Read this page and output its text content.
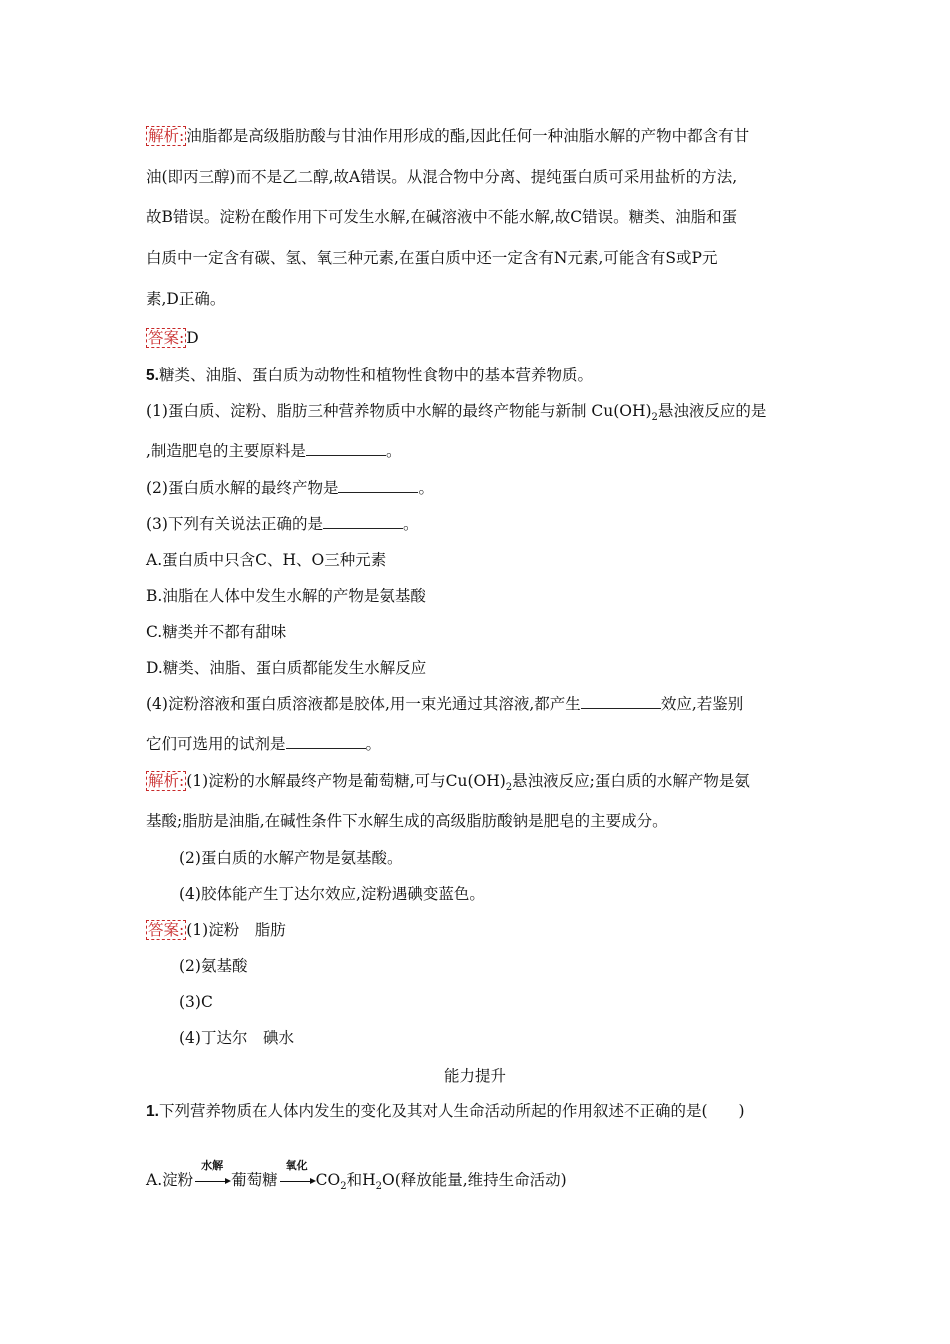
解析: 油脂都是高级脂肪酸与甘油作用形成的酯,因此任何一种油脂水解的产物中都含有甘
油(即丙三醇)而不是乙二醇,故A错误。从混合物中分离、提纯蛋白质可采用盐析的方法,
故B错误。淀粉在酸作用下可发生水解,在碱溶液中不能水解,故C错误。糖类、油脂和蛋
白质中一定含有碳、氢、氧三种元素,在蛋白质中还一定含有N元素,可能含有S或P元
素,D正确。
答案: D
5.糖类、油脂、蛋白质为动物性和植物性食物中的基本营养物质。
(1)蛋白质、淀粉、脂肪三种营养物质中水解的最终产物能与新制 $Cu(OH)_2$悬浊液反应的是
,制造肥皂的主要原料是	。
(2)蛋白质水解的最终产物是	。
(3)下列有关说法正确的是	。
A.蛋白质中只含C、H、O三种元素
B.油脂在人体中发生水解的产物是氨基酸
C.糖类并不都有甜味
D.糖类、油脂、蛋白质都能发生水解反应
(4)淀粉溶液和蛋白质溶液都是胶体,用一束光通过其溶液,都产生	效应,若鉴别
它们可选用的试剂是	。
解析: (1)淀粉的水解最终产物是葡萄糖,可与$Cu(OH)_2$悬浊液反应;蛋白质的水解产物是氨
基酸;脂肪是油脂,在碱性条件下水解生成的高级脂肪酸钠是肥皂的主要成分。
(2)蛋白质的水解产物是氨基酸。
(4)胶体能产生丁达尔效应,淀粉遇碘变蓝色。
答案: (1)淀粉　脂肪
(2)氨基酸
(3)C
(4)丁达尔　碘水
能力提升
1.下列营养物质在人体内发生的变化及其对人生命活动所起的作用叙述不正确的是(　　)
A.淀粉
水解
葡萄糖
氧化
$CO_2$和$H_2O$(释放能量,维持生命活动)
